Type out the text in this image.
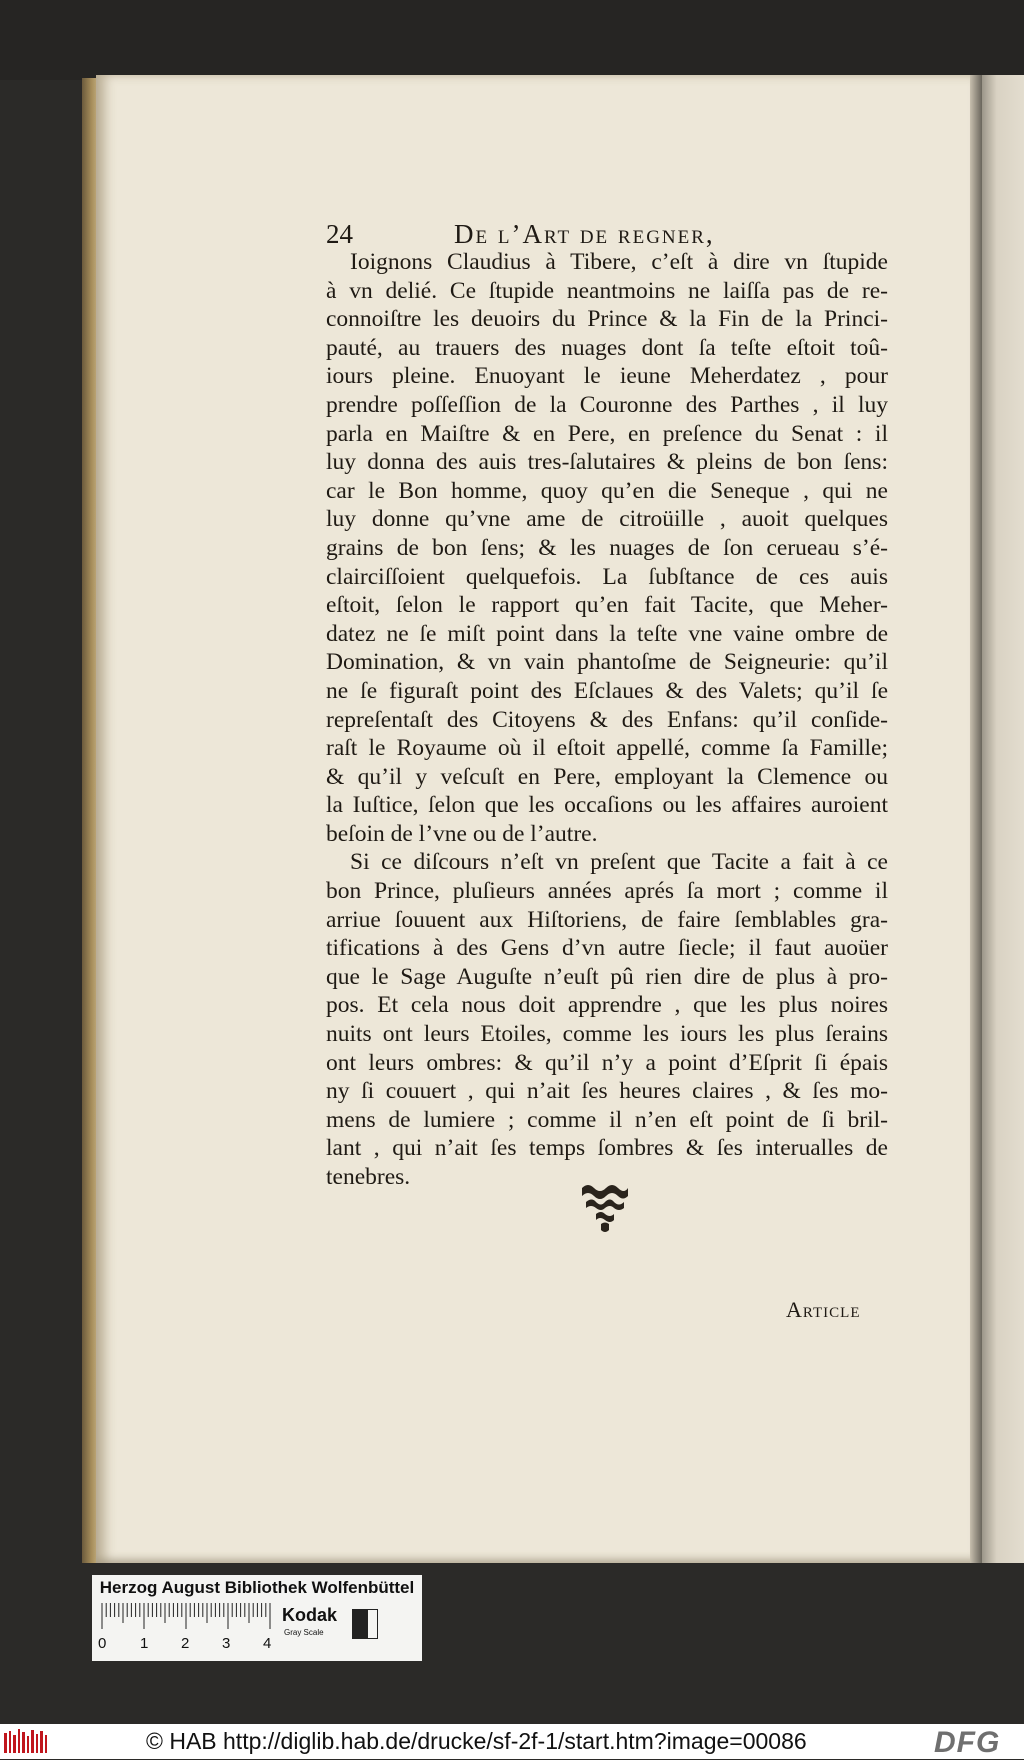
24	De l’Art de regner,
Ioignons Claudius à Tibere, c’eſt à dire vn ſtupide
à vn delié. Ce ſtupide neantmoins ne laiſſa pas de re-
connoiſtre les deuoirs du Prince & la Fin de la Princi-
pauté, au trauers des nuages dont ſa teſte eſtoit toû-
iours pleine. Enuoyant le ieune Meherdatez , pour
prendre poſſeſſion de la Couronne des Parthes , il luy
parla en Maiſtre & en Pere, en preſence du Senat : il
luy donna des auis tres-ſalutaires & pleins de bon ſens:
car le Bon homme, quoy qu’en die Seneque , qui ne
luy donne qu’vne ame de citroüille , auoit quelques
grains de bon ſens; & les nuages de ſon cerueau s’é-
clairciſſoient quelquefois. La ſubſtance de ces auis
eſtoit, ſelon le rapport qu’en fait Tacite, que Meher-
datez ne ſe miſt point dans la teſte vne vaine ombre de
Domination, & vn vain phantoſme de Seigneurie: qu’il
ne ſe figuraſt point des Eſclaues & des Valets; qu’il ſe
repreſentaſt des Citoyens & des Enfans: qu’il conſide-
raſt le Royaume où il eſtoit appellé, comme ſa Famille;
& qu’il y veſcuſt en Pere, employant la Clemence ou
la Iuſtice, ſelon que les occaſions ou les affaires auroient
beſoin de l’vne ou de l’autre.
Si ce diſcours n’eſt vn preſent que Tacite a fait à ce
bon Prince, pluſieurs années aprés ſa mort ; comme il
arriue ſouuent aux Hiſtoriens, de faire ſemblables gra-
tifications à des Gens d’vn autre ſiecle; il faut auoüer
que le Sage Auguſte n’euſt pû rien dire de plus à pro-
pos. Et cela nous doit apprendre , que les plus noires
nuits ont leurs Etoiles, comme les iours les plus ſerains
ont leurs ombres: & qu’il n’y a point d’Eſprit ſi épais
ny ſi couuert , qui n’ait ſes heures claires , & ſes mo-
mens de lumiere ; comme il n’en eſt point de ſi bril-
lant , qui n’ait ſes temps ſombres & ſes interualles de
tenebres.
Article
Herzog August Bibliothek Wolfenbüttel
0 1 2 3 4
Kodak
Gray Scale
© HAB http://diglib.hab.de/drucke/sf-2f-1/start.htm?image=00086	DFG
